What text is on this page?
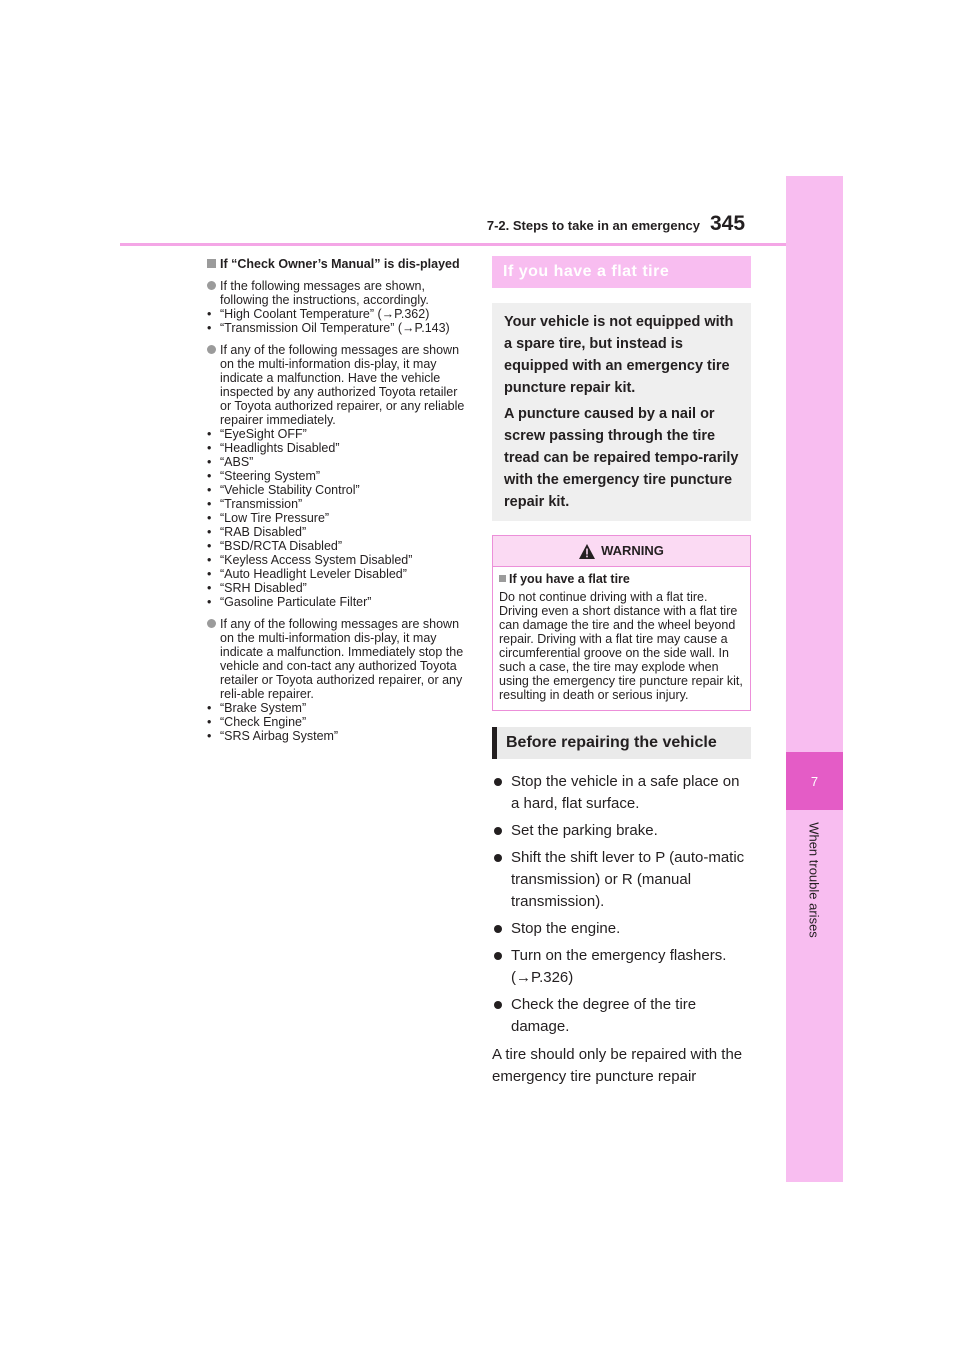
7
When trouble arises
7-2. Steps to take in an emergency 345
If “Check Owner’s Manual” is dis-played
If the following messages are shown, following the instructions, accordingly.
• “High Coolant Temperature” (→P.362)
• “Transmission Oil Temperature” (→P.143)
If any of the following messages are shown on the multi-information dis-play, it may indicate a malfunction. Have the vehicle inspected by any authorized Toyota retailer or Toyota authorized repairer, or any reliable repairer immediately.
• “EyeSight OFF”
• “Headlights Disabled”
• “ABS”
• “Steering System”
• “Vehicle Stability Control”
• “Transmission”
• “Low Tire Pressure”
• “RAB Disabled”
• “BSD/RCTA Disabled”
• “Keyless Access System Disabled”
• “Auto Headlight Leveler Disabled”
• “SRH Disabled”
• “Gasoline Particulate Filter”
If any of the following messages are shown on the multi-information dis-play, it may indicate a malfunction. Immediately stop the vehicle and con-tact any authorized Toyota retailer or Toyota authorized repairer, or any reli-able repairer.
• “Brake System”
• “Check Engine”
• “SRS Airbag System”
If you have a flat tire

Your vehicle is not equipped with a spare tire, but instead is equipped with an emergency tire puncture repair kit.

A puncture caused by a nail or screw passing through the tire tread can be repaired tempo-rarily with the emergency tire puncture repair kit.

WARNING
If you have a flat tire
Do not continue driving with a flat tire. Driving even a short distance with a flat tire can damage the tire and the wheel beyond repair. Driving with a flat tire may cause a circumferential groove on the side wall. In such a case, the tire may explode when using the emergency tire puncture repair kit, resulting in death or serious injury.
Before repairing the vehicle
Stop the vehicle in a safe place on a hard, flat surface.
Set the parking brake.
Shift the shift lever to P (auto-matic transmission) or R (manual transmission).
Stop the engine.
Turn on the emergency flashers. (→P.326)
Check the degree of the tire damage.

A tire should only be repaired with the emergency tire puncture repair
